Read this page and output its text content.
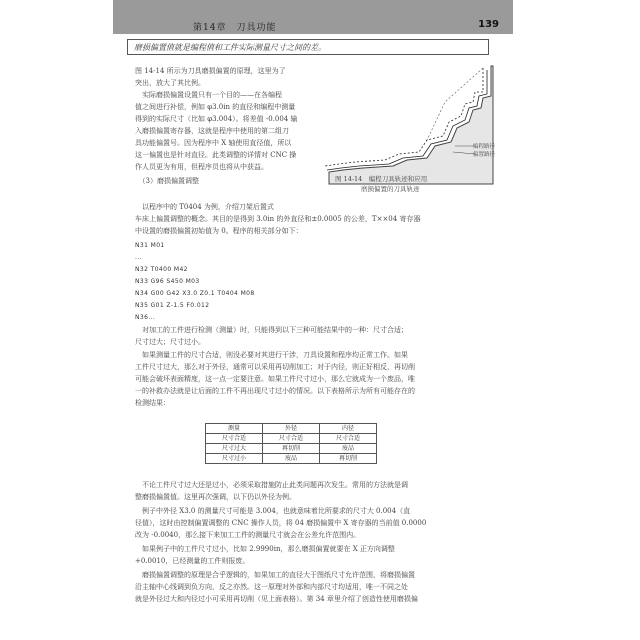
第14章　刀具功能	139
磨损偏置值就是编程值和工件实际测量尺寸之间的差。
图 14-14 所示为刀具磨损偏置的原理，这里为了
突出，放大了其比例。
　实际磨损偏置设置只有一个目的——在各编程
值之间进行补偿，例如 φ3.0in 的直径和编程中测量
得到的实际尺寸（比如 φ3.004）。将差值 -0.004 输
入磨损偏置寄存器，这就是程序中使用的第二组刀
具功能偏置号。因为程序中 X 轴使用直径值，所以
这一偏置也是针对直径。此类调整的详情对 CNC 操
作人员更为有用，但程序员也将从中获益。
　（3）磨损偏置调整
编程路径
偏置路径
图 14-14　编程刀具轨迹和应用
磨损偏置的刀具轨迹
　以程序中的 T0404 为例，介绍刀架后置式
车床上偏置调整的概念。其目的是得到 3.0in 的外直径和±0.0005 的公差，T××04 寄存器
中设置的磨损偏置初始值为 0。程序的相关部分如下：
N31 M01
...
N32 T0400 M42
N33 G96 S450 M03
N34 G00 G42 X3.0 Z0.1 T0404 M08
N35 G01 Z-1.5 F0.012
N36...
　对加工的工件进行检测（测量）时，只能得到以下三种可能结果中的一种：尺寸合适；
尺寸过大；尺寸过小。
　如果测量工件的尺寸合适，则没必要对其进行干涉，刀具设置和程序均正常工作。如果
工件尺寸过大，那么对于外径，通常可以采用再切削加工；对于内径，则正好相反，再切削
可能会破坏表面精度，这一点一定要注意。如果工件尺寸过小，那么它就成为一个废品，唯
一的补救办法就是让后面的工件不再出现尺寸过小的情况。以下表格所示为所有可能存在的
检测结果：
测量	外径	内径
尺寸合适	尺寸合适	尺寸合适
尺寸过大	再切削	废品
尺寸过小	废品	再切削
　不论工件尺寸过大还是过小，必须采取措施防止此类问题再次发生。常用的方法就是调
整磨损偏置值。这里再次强调，以下仍以外径为例。
　例子中外径 X3.0 的测量尺寸可能是 3.004，也就意味着比所要求的尺寸大 0.004（直
径值），这时由控制偏置调整的 CNC 操作人员，将 04 磨损偏置中 X 寄存器的当前值 0.0000
改为 -0.0040，那么接下来加工工件的测量尺寸就会在公差允许范围内。
　如果例子中的工件尺寸过小，比如 2.9990in，那么磨损偏置就要在 X 正方向调整
+0.0010，已经测量的工件则报废。
　磨损偏置调整的原理是合乎逻辑的，如果加工的直径大于图纸尺寸允许范围，将磨损偏置
沿主轴中心线调到负方向，反之亦然。这一原理对外部和内部尺寸均适用，唯一不同之处
就是外径过大和内径过小可采用再切削（见上面表格）。第 34 章里介绍了创造性使用磨损偏
